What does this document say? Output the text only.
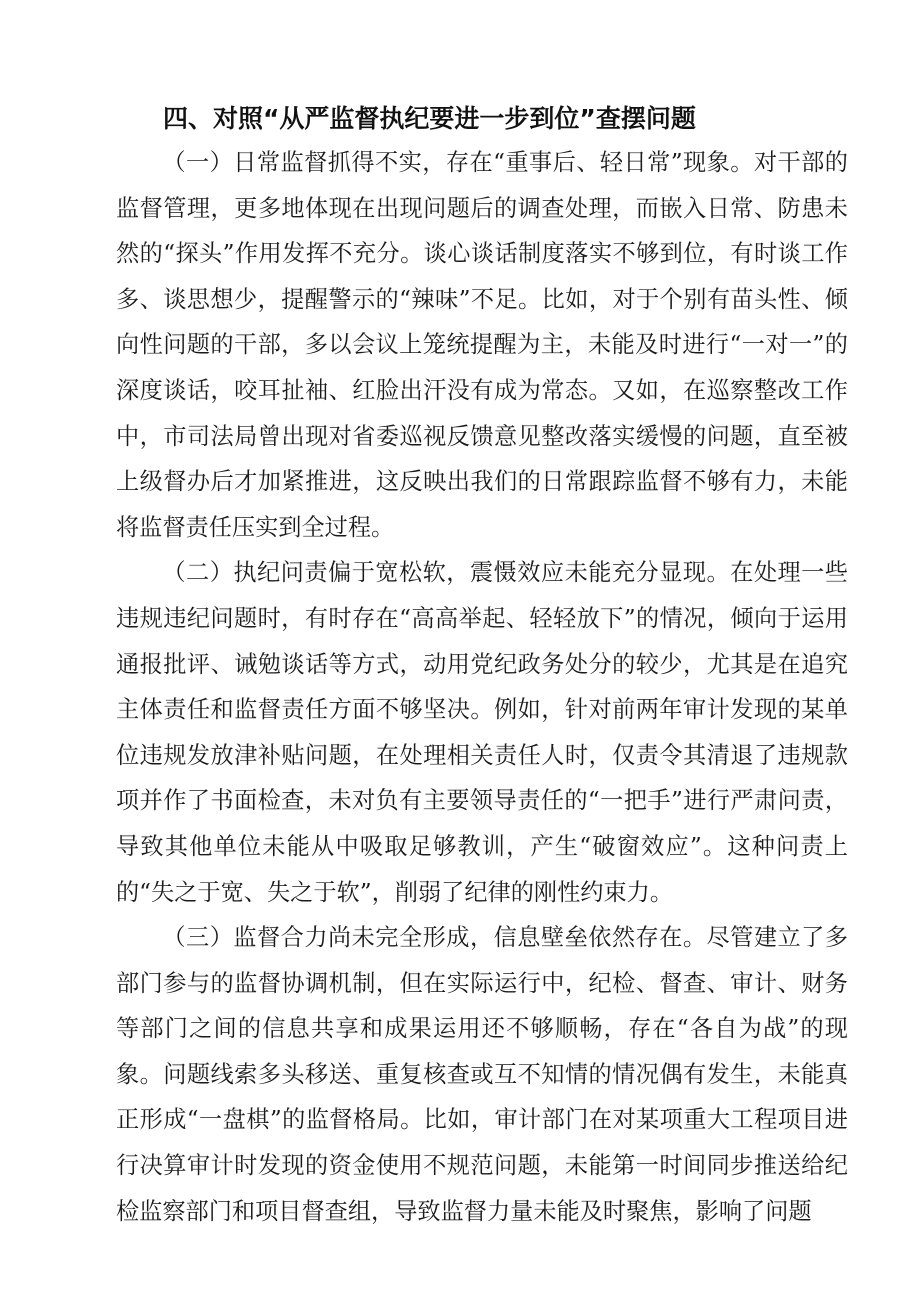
四、对照“从严监督执纪要进一步到位”查摆问题

（一）日常监督抓得不实，存在“重事后、轻日常”现象。对干部的监督管理，更多地体现在出现问题后的调查处理，而嵌入日常、防患未然的“探头”作用发挥不充分。谈心谈话制度落实不够到位，有时谈工作多、谈思想少，提醒警示的“辣味”不足。比如，对于个别有苗头性、倾向性问题的干部，多以会议上笼统提醒为主，未能及时进行“一对一”的深度谈话，咬耳扯袖、红脸出汗没有成为常态。又如，在巡察整改工作中，市司法局曾出现对省委巡视反馈意见整改落实缓慢的问题，直至被上级督办后才加紧推进，这反映出我们的日常跟踪监督不够有力，未能将监督责任压实到全过程。

（二）执纪问责偏于宽松软，震慑效应未能充分显现。在处理一些违规违纪问题时，有时存在“高高举起、轻轻放下”的情况，倾向于运用通报批评、诫勉谈话等方式，动用党纪政务处分的较少，尤其是在追究主体责任和监督责任方面不够坚决。例如，针对前两年审计发现的某单位违规发放津补贴问题，在处理相关责任人时，仅责令其清退了违规款项并作了书面检查，未对负有主要领导责任的“一把手”进行严肃问责，导致其他单位未能从中吸取足够教训，产生“破窗效应”。这种问责上的“失之于宽、失之于软”，削弱了纪律的刚性约束力。

（三）监督合力尚未完全形成，信息壁垒依然存在。尽管建立了多部门参与的监督协调机制，但在实际运行中，纪检、督查、审计、财务等部门之间的信息共享和成果运用还不够顺畅，存在“各自为战”的现象。问题线索多头移送、重复核查或互不知情的情况偶有发生，未能真正形成“一盘棋”的监督格局。比如，审计部门在对某项重大工程项目进行决算审计时发现的资金使用不规范问题，未能第一时间同步推送给纪检监察部门和项目督查组，导致监督力量未能及时聚焦，影响了问题
